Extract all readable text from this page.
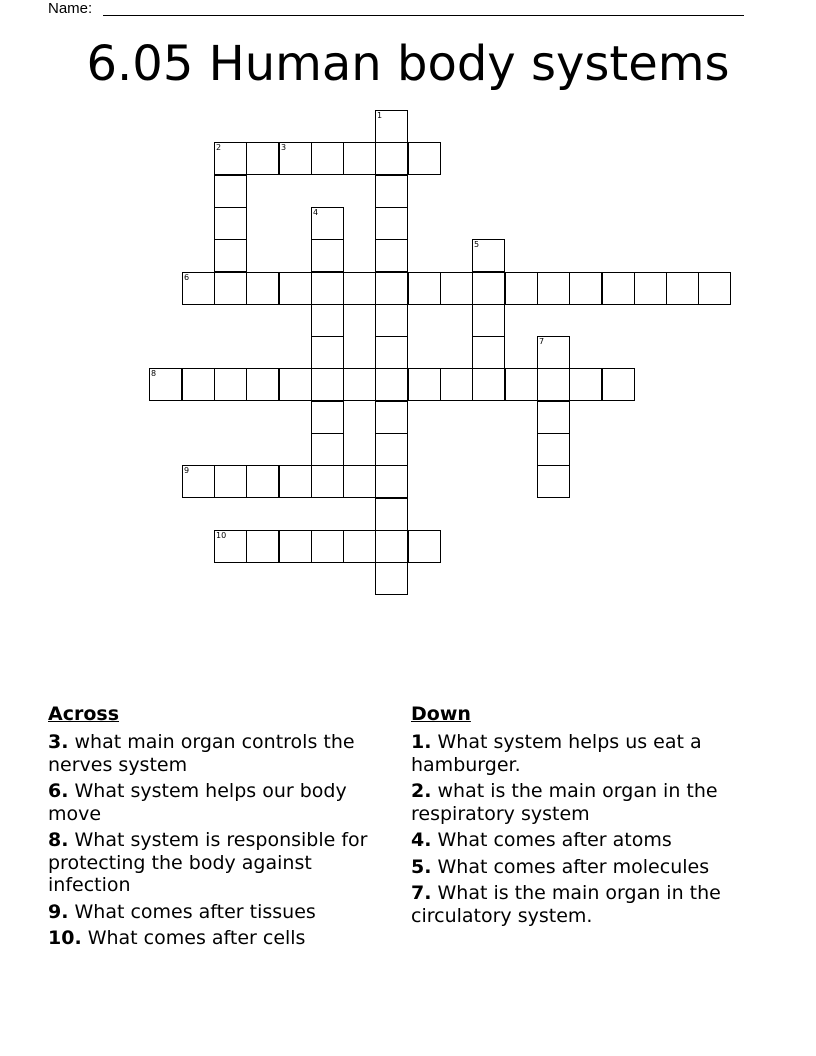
Name:
6.05 Human body systems
1
2	3
4
5
6
7
8
9
10
Across
3. what main organ controls the nerves system
6. What system helps our body move
8. What system is responsible for protecting the body against infection
9. What comes after tissues
10. What comes after cells
Down
1. What system helps us eat a hamburger.
2. what is the main organ in the respiratory system
4. What comes after atoms
5. What comes after molecules
7. What is the main organ in the circulatory system.
